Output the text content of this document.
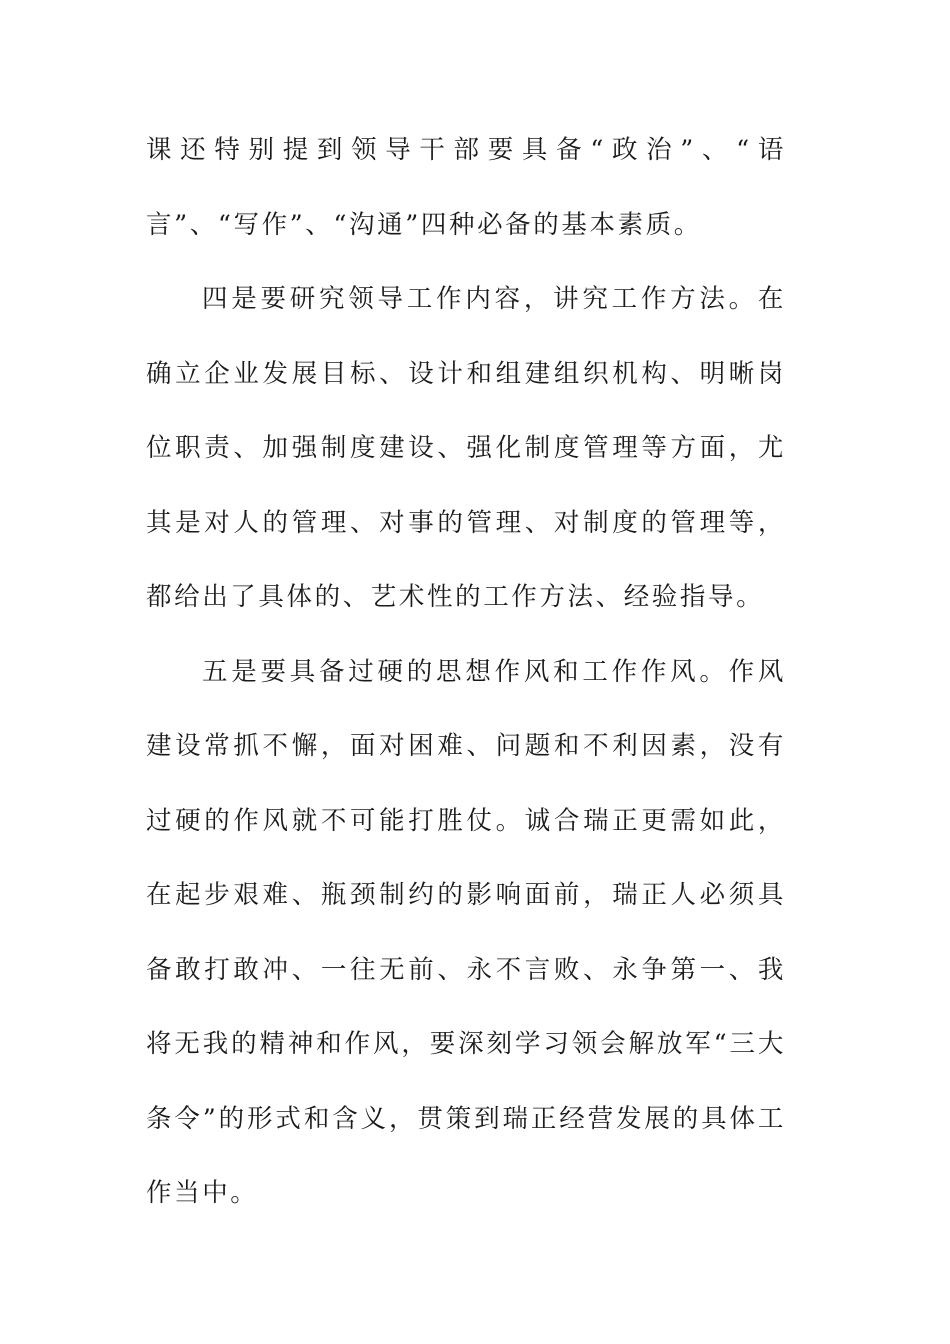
课还特别提到领导干部要具备“政治”、“语言”、“写作”、“沟通”四种必备的基本素质。

四是要研究领导工作内容，讲究工作方法。在确立企业发展目标、设计和组建组织机构、明晰岗位职责、加强制度建设、强化制度管理等方面，尤其是对人的管理、对事的管理、对制度的管理等，都给出了具体的、艺术性的工作方法、经验指导。

五是要具备过硬的思想作风和工作作风。作风建设常抓不懈，面对困难、问题和不利因素，没有过硬的作风就不可能打胜仗。诚合瑞正更需如此，在起步艰难、瓶颈制约的影响面前，瑞正人必须具备敢打敢冲、一往无前、永不言败、永争第一、我将无我的精神和作风，要深刻学习领会解放军“三大条令”的形式和含义，贯策到瑞正经营发展的具体工作当中。
